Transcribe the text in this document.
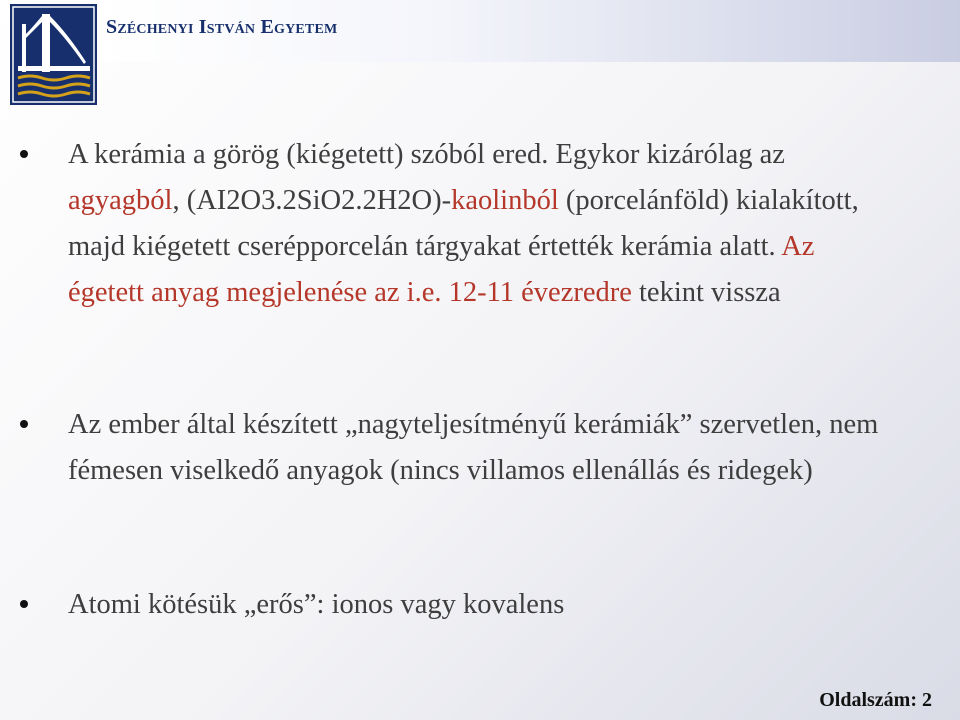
Széchenyi István Egyetem
A kerámia a görög (kiégetett) szóból ered. Egykor kizárólag az agyagból, (AI2O3.2SiO2.2H2O)-kaolinból (porcelánföld) kialakított, majd kiégetett cserépporcelán tárgyakat értették kerámia alatt. Az égetett anyag megjelenése az i.e. 12-11 évezredre tekint vissza
Az ember által készített „nagyteljesítményű kerámiák” szervetlen, nem fémesen viselkedő anyagok (nincs villamos ellenállás és ridegek)
Atomi kötésük „erős”: ionos vagy kovalens
Oldalszám: 2
